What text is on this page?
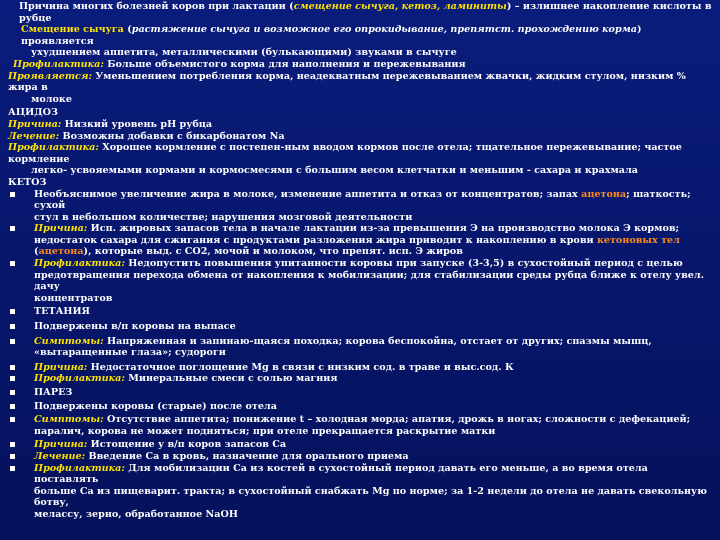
Причина многих болезней коров при лактации (смещение сычуга, кетоз, ламиниты) – излишнее накопление кислоты в рубце

Смещение сычуга (растяжение сычуга и возможное его опрокидывание, препятст. прохождению корма) проявляется

ухудшением аппетита, металлическими (булькающими) звуками в сычуге

Профилактика: Больше объемистого корма для наполнения и пережевывания

Проявляется: Уменьшением потребления корма, неадекватным пережевыванием жвачки, жидким стулом, низким % жира в

молоке

АЦИДОЗ

Причина: Низкий уровень pH рубца

Лечение: Возможны добавки с бикарбонатом Na

Профилактика: Хорошее кормление с постепен-ным вводом кормов после отела; тщательное пережевывание; частое кормление

легко- усвояемыми кормами и кормосмесями с большим весом клетчатки и меньшим - сахара и крахмала

КЕТОЗ

Необъяснимое увеличение жира в молоке, изменение аппетита и отказ от концентратов; запах ацетона; шаткость; сухой
стул в небольшом количестве; нарушения мозговой деятельности
Причина: Исп. жировых запасов тела в начале лактации из-за превышения Э на производство молока Э кормов;
недостаток сахара для сжигания с продуктами разложения жира приводит к накоплению в крови кетоновых тел
(ацетона), которые выд. с CO2, мочой и молоком, что препят. исп. Э жиров
Профилактика: Недопустить повышения упитанности коровы при запуске (3-3,5) в сухостойный период с целью
предотвращения перехода обмена от накопления к мобилизации; для стабилизации среды рубца ближе к отелу увел. дачу
концентратов
ТЕТАНИЯ
Подвержены в/п коровы на выпасе
Симптомы: Напряженная и запинаю-щаяся походка; корова беспокойна, отстает от других; спазмы мышц,
«вытаращенные глаза»; судороги
Причина: Недостаточное поглощение Mg в связи с низким сод. в траве и выс.сод. К
Профилактика: Минеральные смеси с солью магния
ПАРЕЗ
Подвержены коровы (старые) после отела
Симптомы: Отсутствие аппетита; понижение t – холодная морда; апатия, дрожь в ногах; сложности с дефекацией;
паралич, корова не может подняться; при отеле прекращается раскрытие матки
Причина: Истощение у в/п коров запасов Ca
Лечение: Введение Ca в кровь, назначение для орального приема
Профилактика: Для мобилизации Ca из костей в сухостойный период давать его меньше, а во время отела поставлять
больше Ca из пищеварит. тракта; в сухостойный снабжать Mg по норме; за 1-2 недели до отела не давать свекольную ботву,
мелассу, зерно, обработанное NaOH
